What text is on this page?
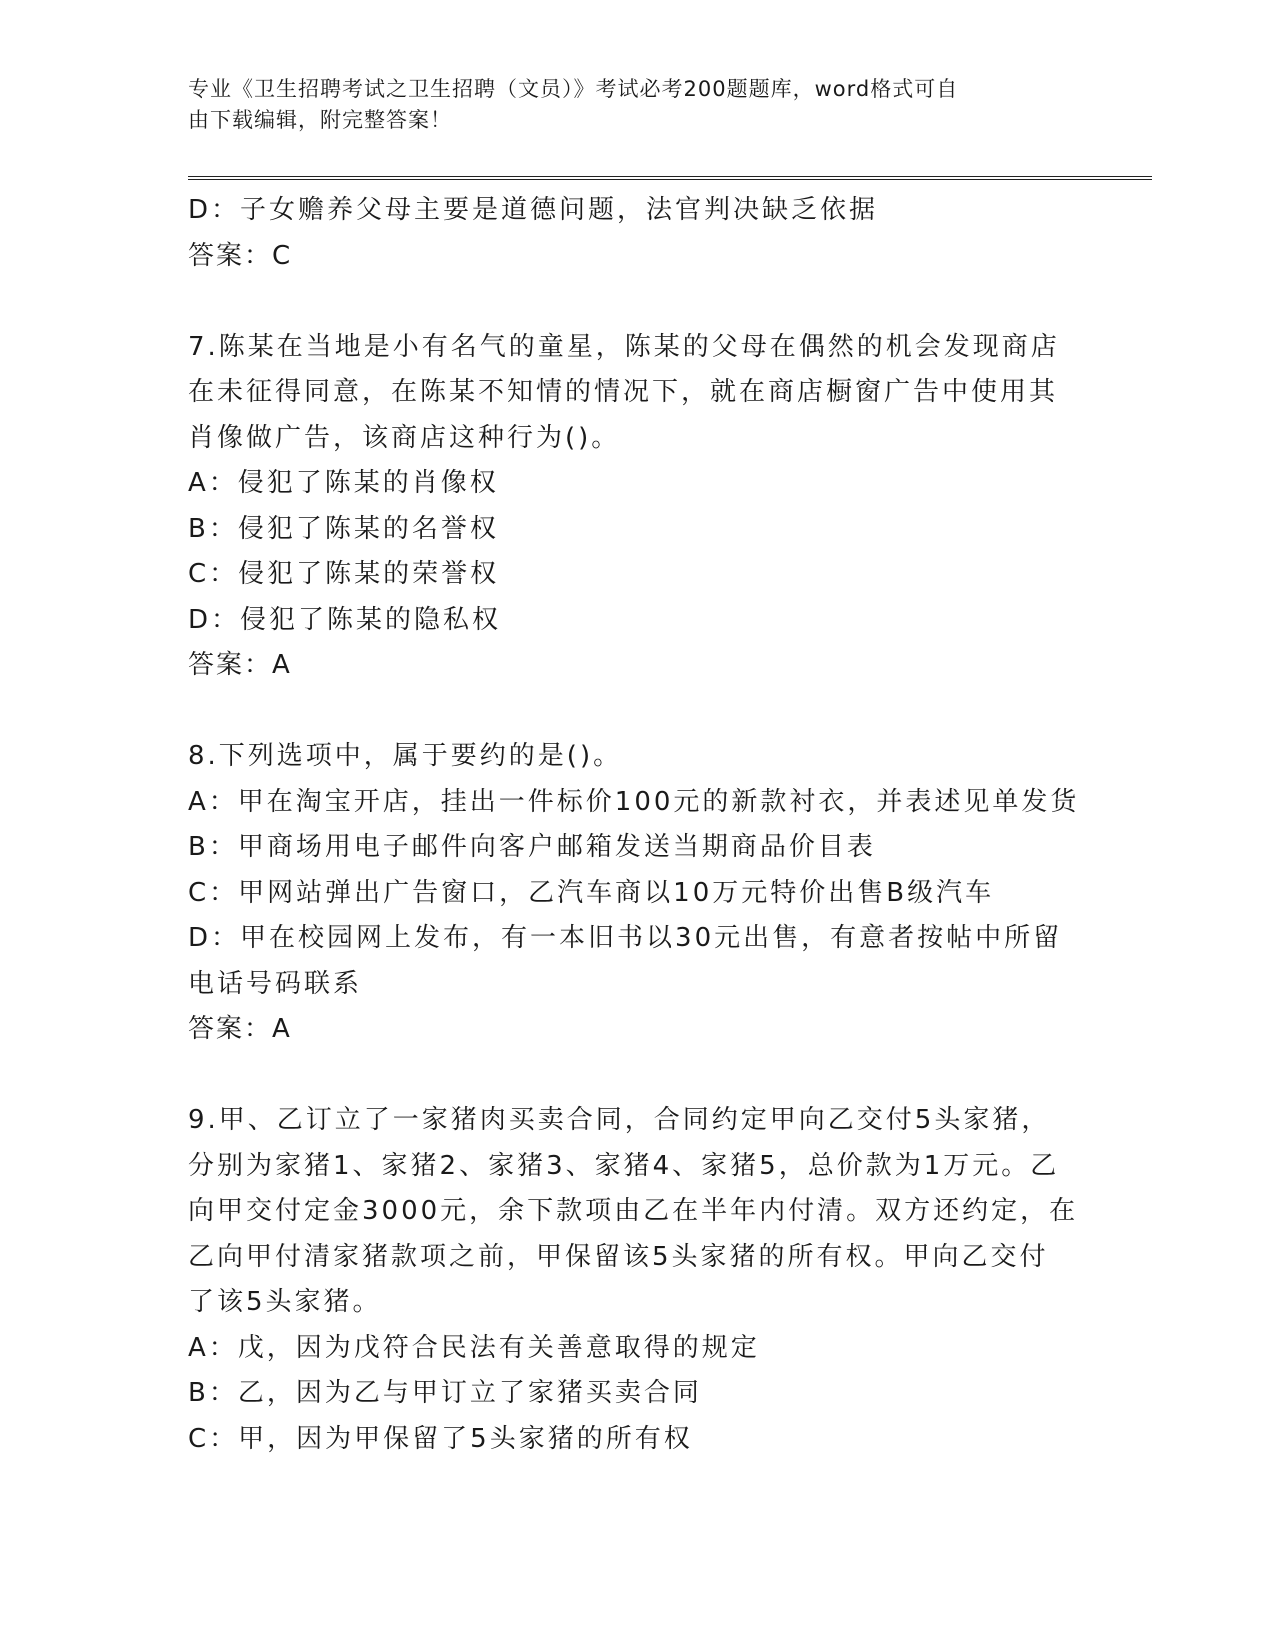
专业《卫生招聘考试之卫生招聘（文员）》考试必考200题题库，word格式可自
由下载编辑，附完整答案！
D：子女赡养父母主要是道德问题，法官判决缺乏依据
答案：C
7.陈某在当地是小有名气的童星，陈某的父母在偶然的机会发现商店
在未征得同意，在陈某不知情的情况下，就在商店橱窗广告中使用其
肖像做广告，该商店这种行为()。
A：侵犯了陈某的肖像权
B：侵犯了陈某的名誉权
C：侵犯了陈某的荣誉权
D：侵犯了陈某的隐私权
答案：A
8.下列选项中，属于要约的是()。
A：甲在淘宝开店，挂出一件标价100元的新款衬衣，并表述见单发货
B：甲商场用电子邮件向客户邮箱发送当期商品价目表
C：甲网站弹出广告窗口，乙汽车商以10万元特价出售B级汽车
D：甲在校园网上发布，有一本旧书以30元出售，有意者按帖中所留
电话号码联系
答案：A
9.甲、乙订立了一家猪肉买卖合同，合同约定甲向乙交付5头家猪，
分别为家猪1、家猪2、家猪3、家猪4、家猪5，总价款为1万元。乙
向甲交付定金3000元，余下款项由乙在半年内付清。双方还约定，在
乙向甲付清家猪款项之前，甲保留该5头家猪的所有权。甲向乙交付
了该5头家猪。
A：戊，因为戊符合民法有关善意取得的规定
B：乙，因为乙与甲订立了家猪买卖合同
C：甲，因为甲保留了5头家猪的所有权
